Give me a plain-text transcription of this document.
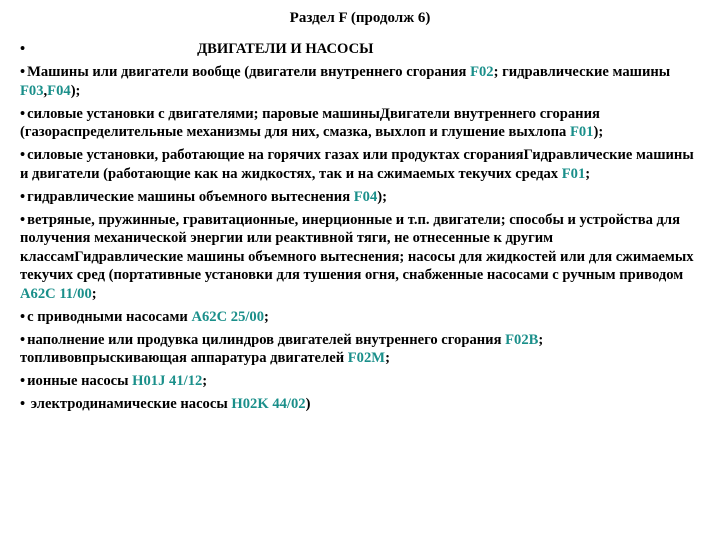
Раздел F (продолж 6)
•	ДВИГАТЕЛИ И НАСОСЫ
• Машины или двигатели вообще (двигатели внутреннего сгорания F02; гидравлические машины F03,F04);
• силовые установки с двигателями; паровые машиныДвигатели внутреннего сгорания (газораспределительные механизмы для них, смазка, выхлоп и глушение выхлопа F01);
• силовые установки, работающие на горячих газах или продуктах сгоранияГидравлические машины и двигатели (работающие как на жидкостях, так и на сжимаемых текучих средах F01;
• гидравлические машины объемного вытеснения F04);
• ветряные, пружинные, гравитационные, инерционные и т.п. двигатели; способы и устройства для получения механической энергии или реактивной тяги, не отнесенные к другим классамГидравлические машины объемного вытеснения; насосы для жидкостей или для сжимаемых текучих сред (портативные установки для тушения огня, снабженные насосами с ручным приводом A62C 11/00;
• с приводными насосами A62C 25/00;
• наполнение или продувка цилиндров двигателей внутреннего сгорания F02B; топливовпрыскивающая аппаратура двигателей F02M;
• ионные насосы H01J 41/12;
• электродинамические насосы H02K 44/02)
